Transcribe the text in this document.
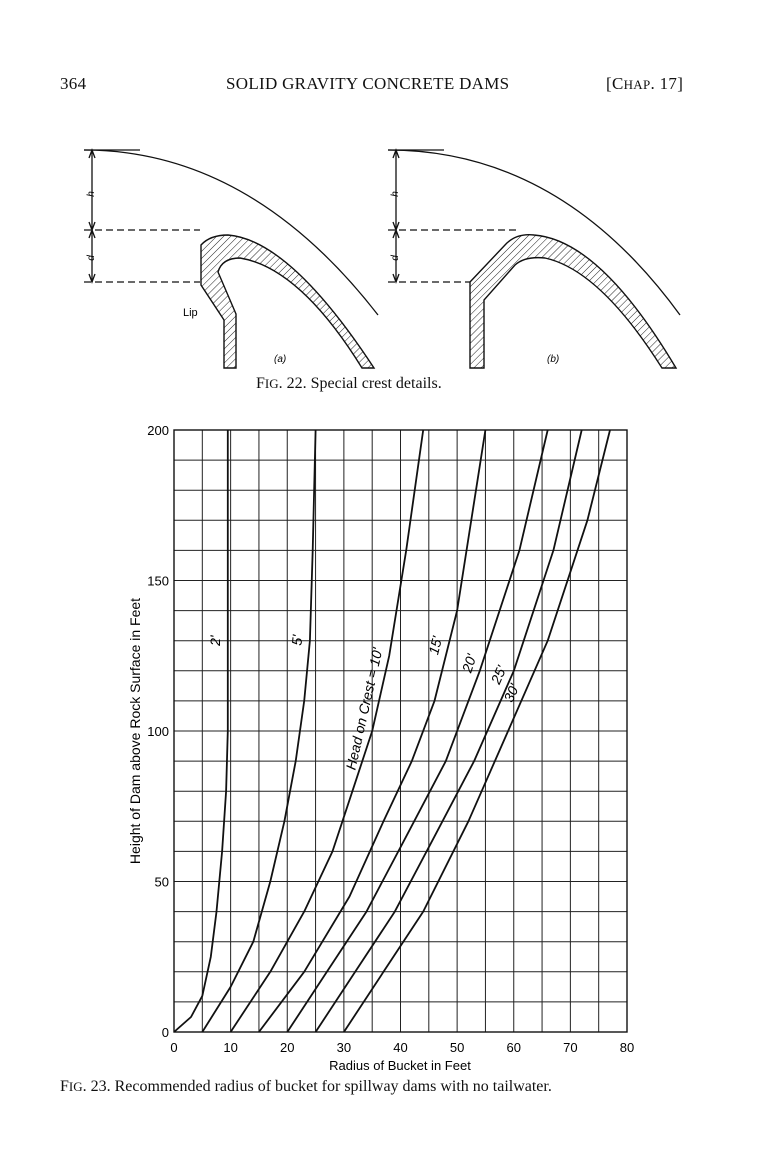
364	SOLID GRAVITY CONCRETE DAMS	[CHAP. 17]
h
d
h
d
Lip
(a)	(b)
FIG. 22. Special crest details.
0	10	20	30	40	50	60	70	80
0
50
100
150
200
2'	5'
Head on Crest = 10'
15'
20' 25'
30'
Radius of Bucket in Feet
Height of Dam above Rock Surface in Feet
FIG. 23. Recommended radius of bucket for spillway dams with no tailwater.
